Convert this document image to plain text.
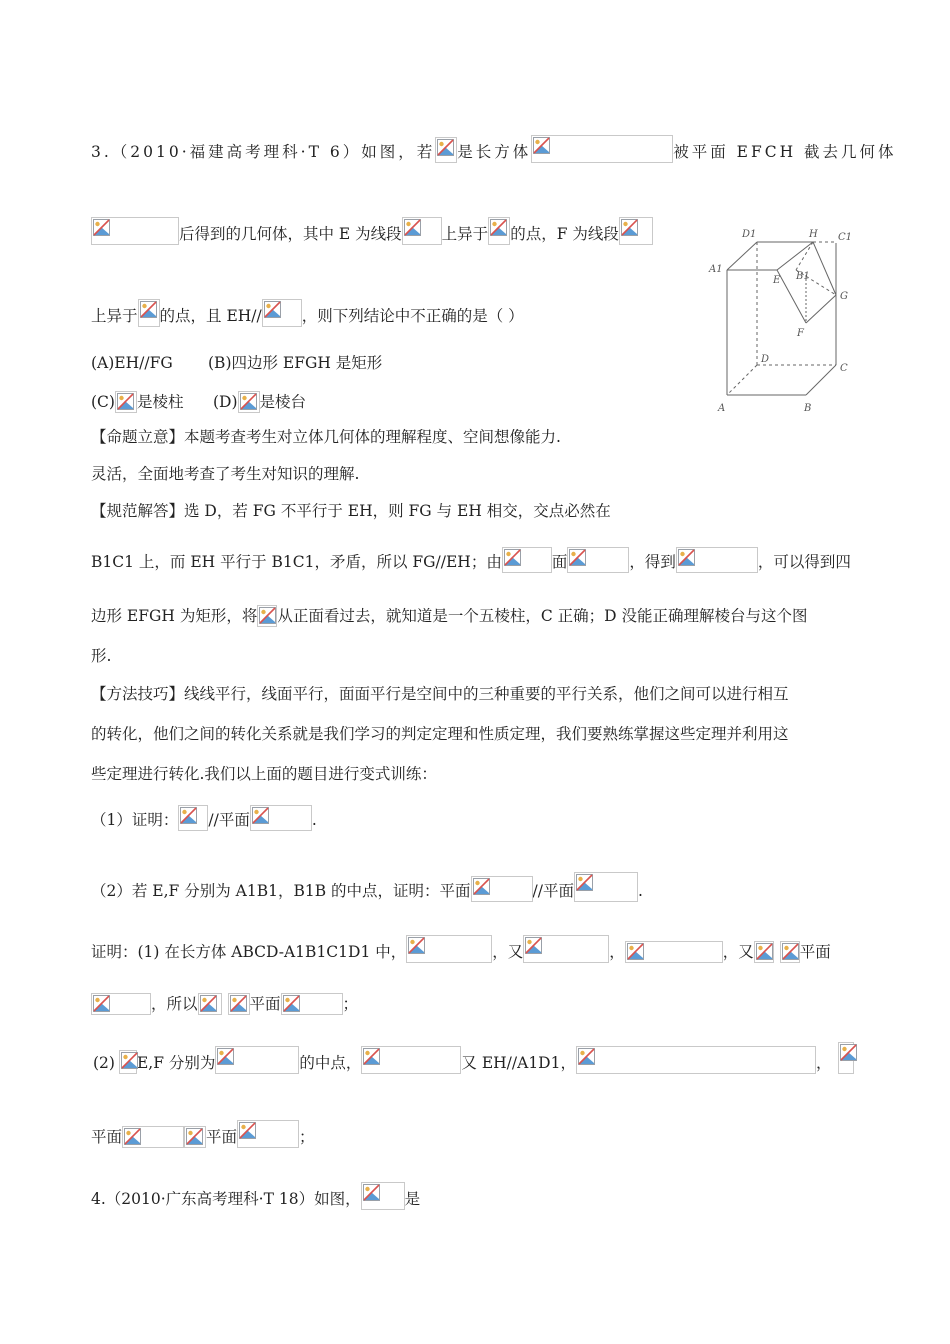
3.（2010·福建高考理科·T 6）如图，若 是长方体	被平面 EFCH 截去几何体
后得到的几何体，其中 E 为线段	上异于 的点，F 为线段
上异于 的点，且 EH//	，则下列结论中不正确的是（ ）
(A)EH//FG (B)四边形 EFGH 是矩形
(C) 是棱柱 (D) 是棱台
【命题立意】本题考查考生对立体几何体的理解程度、空间想像能力.
灵活，全面地考查了考生对知识的理解.
【规范解答】选 D，若 FG 不平行于 EH，则 FG 与 EH 相交，交点必然在
B1C1 上，而 EH 平行于 B1C1，矛盾，所以 FG//EH；由	面	，得到	，可以得到四
边形 EFGH 为矩形，将 从正面看过去，就知道是一个五棱柱，C 正确；D 没能正确理解棱台与这个图
形.
【方法技巧】线线平行，线面平行，面面平行是空间中的三种重要的平行关系，他们之间可以进行相互
的转化，他们之间的转化关系就是我们学习的判定定理和性质定理，我们要熟练掌握这些定理并利用这
些定理进行转化.我们以上面的题目进行变式训练：
（1）证明： //平面	.
（2）若 E,F 分别为 A1B1，B1B 的中点，证明：平面	//平面	.
证明：(1) 在长方体 ABCD-A1B1C1D1 中，	，又	，	，又	平面
，所以	平面	；
(2) E,F 分别为	的中点，	又 EH//A1D1，	，
平面	平面	；
4.（2010·广东高考理科·T 18）如图，	是
D1	H C1
A1
E B1
G
F
D
C
A	B
